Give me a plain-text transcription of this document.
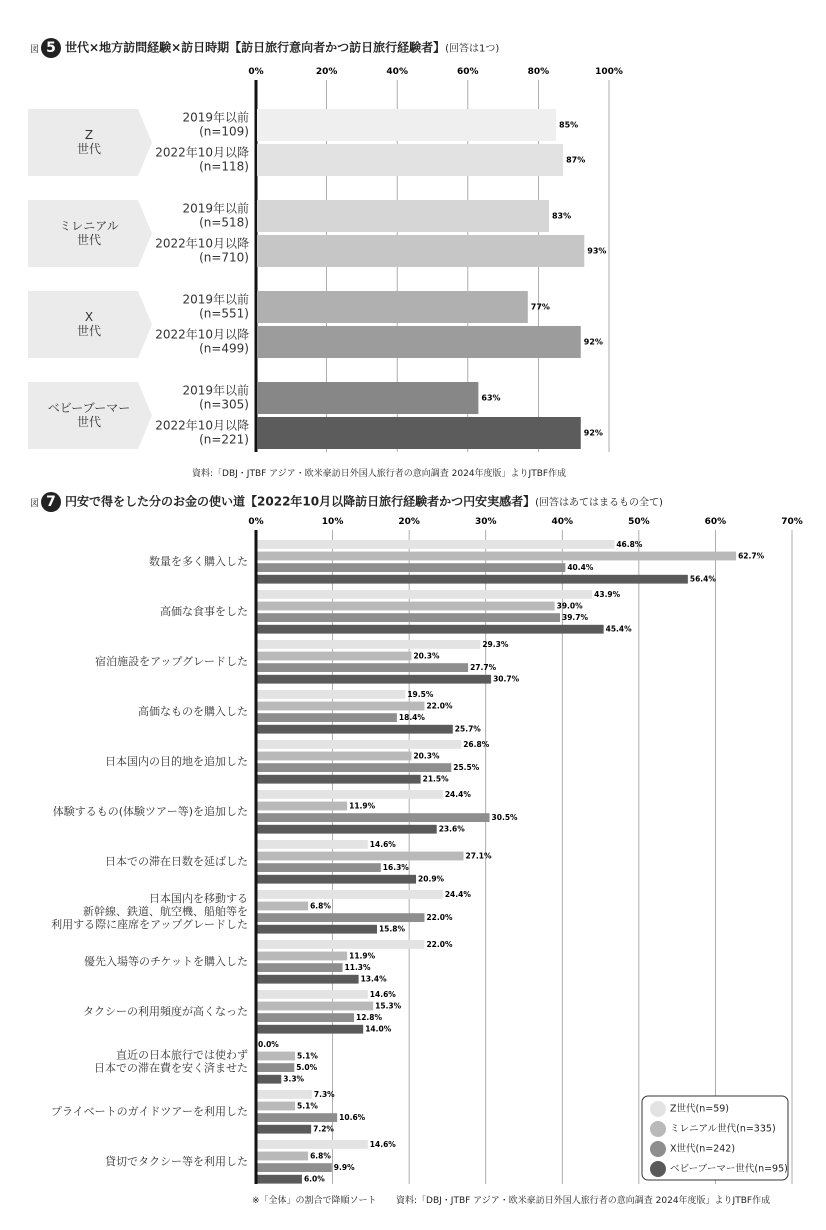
図 5 世代×地方訪問経験×訪日時期【訪日旅行意向者かつ訪日旅行経験者】(回答は1つ)
0%	20%	40%	60%	80%	100%
Z 世代
2019年以前(n=109)	85%
2022年10月以降(n=118)	87%
ミレニアル世代
2019年以前(n=518)	83%
2022年10月以降(n=710)	93%
X 世代
2019年以前(n=551)	77%
2022年10月以降(n=499)	92%
ベビーブーマー世代
2019年以前(n=305)	63%
2022年10月以降(n=221)	92%
資料:「DBJ・JTBF アジア・欧米豪訪日外国人旅行者の意向調査 2024年度版」よりJTBF作成
図 7 円安で得をした分のお金の使い道【2022年10月以降訪日旅行経験者かつ円安実感者】(回答はあてはまるもの全て)
0%	10%	20%	30%	40%	50%	60%	70%
数量を多く購入した
46.8%
62.7%
40.4%
56.4%
高価な食事をした
43.9%
39.0%
39.7%
45.4%
宿泊施設をアップグレードした
29.3%
20.3%
27.7%
30.7%
高価なものを購入した
19.5%
22.0%
18.4%
25.7%
日本国内の目的地を追加した
26.8%
20.3%
25.5%
21.5%
体験するもの(体験ツアー等)を追加した
24.4%
11.9%
30.5%
23.6%
日本での滞在日数を延ばした
14.6%
27.1%
16.3%
20.9%
日本国内を移動する新幹線、鉄道、航空機、船舶等を利用する際に座席をアップグレードした
24.4%
6.8%
22.0%
15.8%
優先入場等のチケットを購入した
22.0%
11.9%
11.3%
13.4%
タクシーの利用頻度が高くなった
14.6%
15.3%
12.8%
14.0%
直近の日本旅行では使わず日本での滞在費を安く済ませた
0.0%
5.1%
5.0%
3.3%
プライベートのガイドツアーを利用した
7.3%
5.1%
10.6%
7.2%
貸切でタクシー等を利用した
14.6%
6.8%
9.9%
6.0%
Z世代(n=59)
ミレニアル世代(n=335)
X世代(n=242)
ベビーブーマー世代(n=95)
※「全体」の割合で降順ソート 資料:「DBJ・JTBF アジア・欧米豪訪日外国人旅行者の意向調査 2024年度版」よりJTBF作成
